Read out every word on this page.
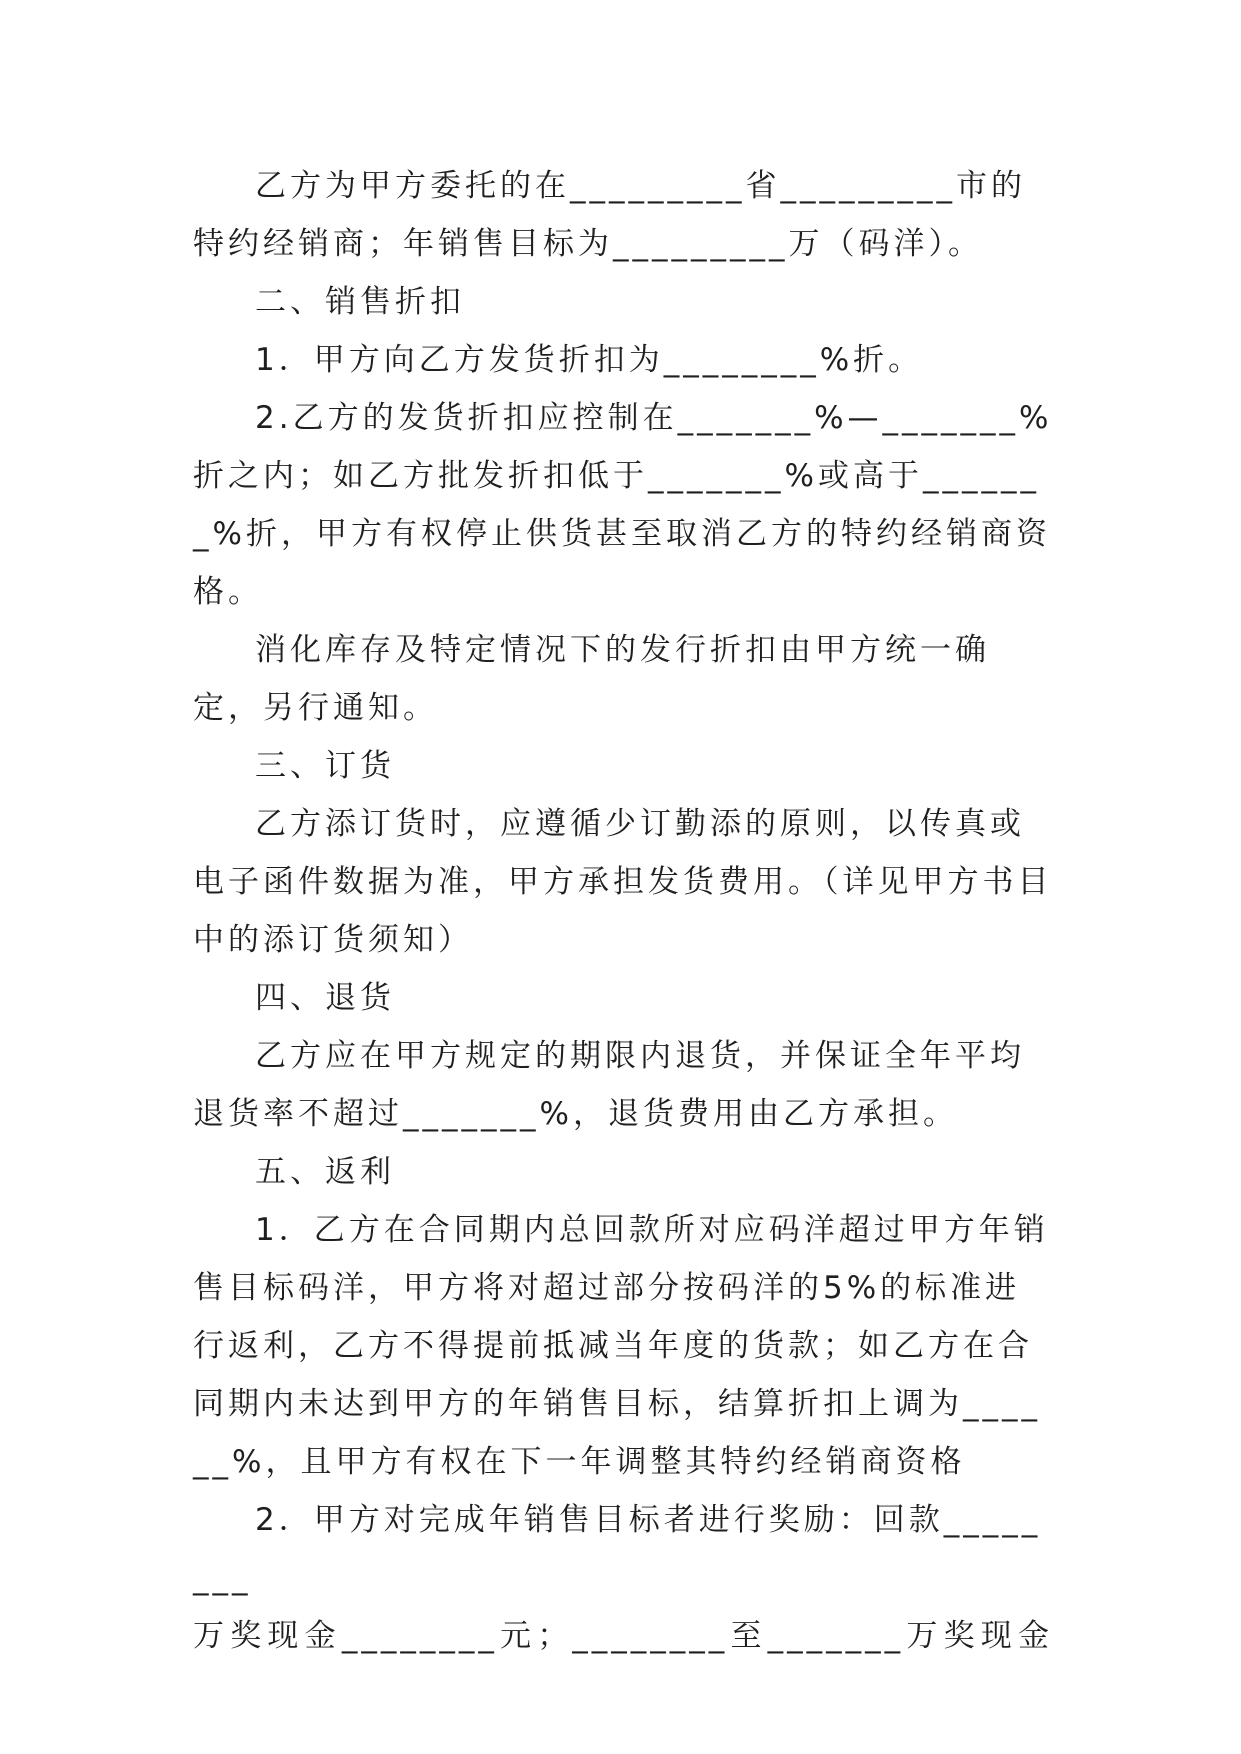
乙方为甲方委托的在_________省_________市的特约经销商；年销售目标为_________万（码洋）。

二、销售折扣

1．甲方向乙方发货折扣为________%折。

2.乙方的发货折扣应控制在_______%—_______%折之内；如乙方批发折扣低于_______%或高于_______%折，甲方有权停止供货甚至取消乙方的特约经销商资格。

消化库存及特定情况下的发行折扣由甲方统一确定，另行通知。

三、订货

乙方添订货时，应遵循少订勤添的原则，以传真或电子函件数据为准，甲方承担发货费用。（详见甲方书目中的添订货须知）

四、退货

乙方应在甲方规定的期限内退货，并保证全年平均退货率不超过_______%，退货费用由乙方承担。

五、返利

1．乙方在合同期内总回款所对应码洋超过甲方年销售目标码洋，甲方将对超过部分按码洋的5%的标准进行返利，乙方不得提前抵减当年度的货款；如乙方在合同期内未达到甲方的年销售目标，结算折扣上调为______%，且甲方有权在下一年调整其特约经销商资格

2．甲方对完成年销售目标者进行奖励：回款________

万奖现金________元；________至_______万奖现金
